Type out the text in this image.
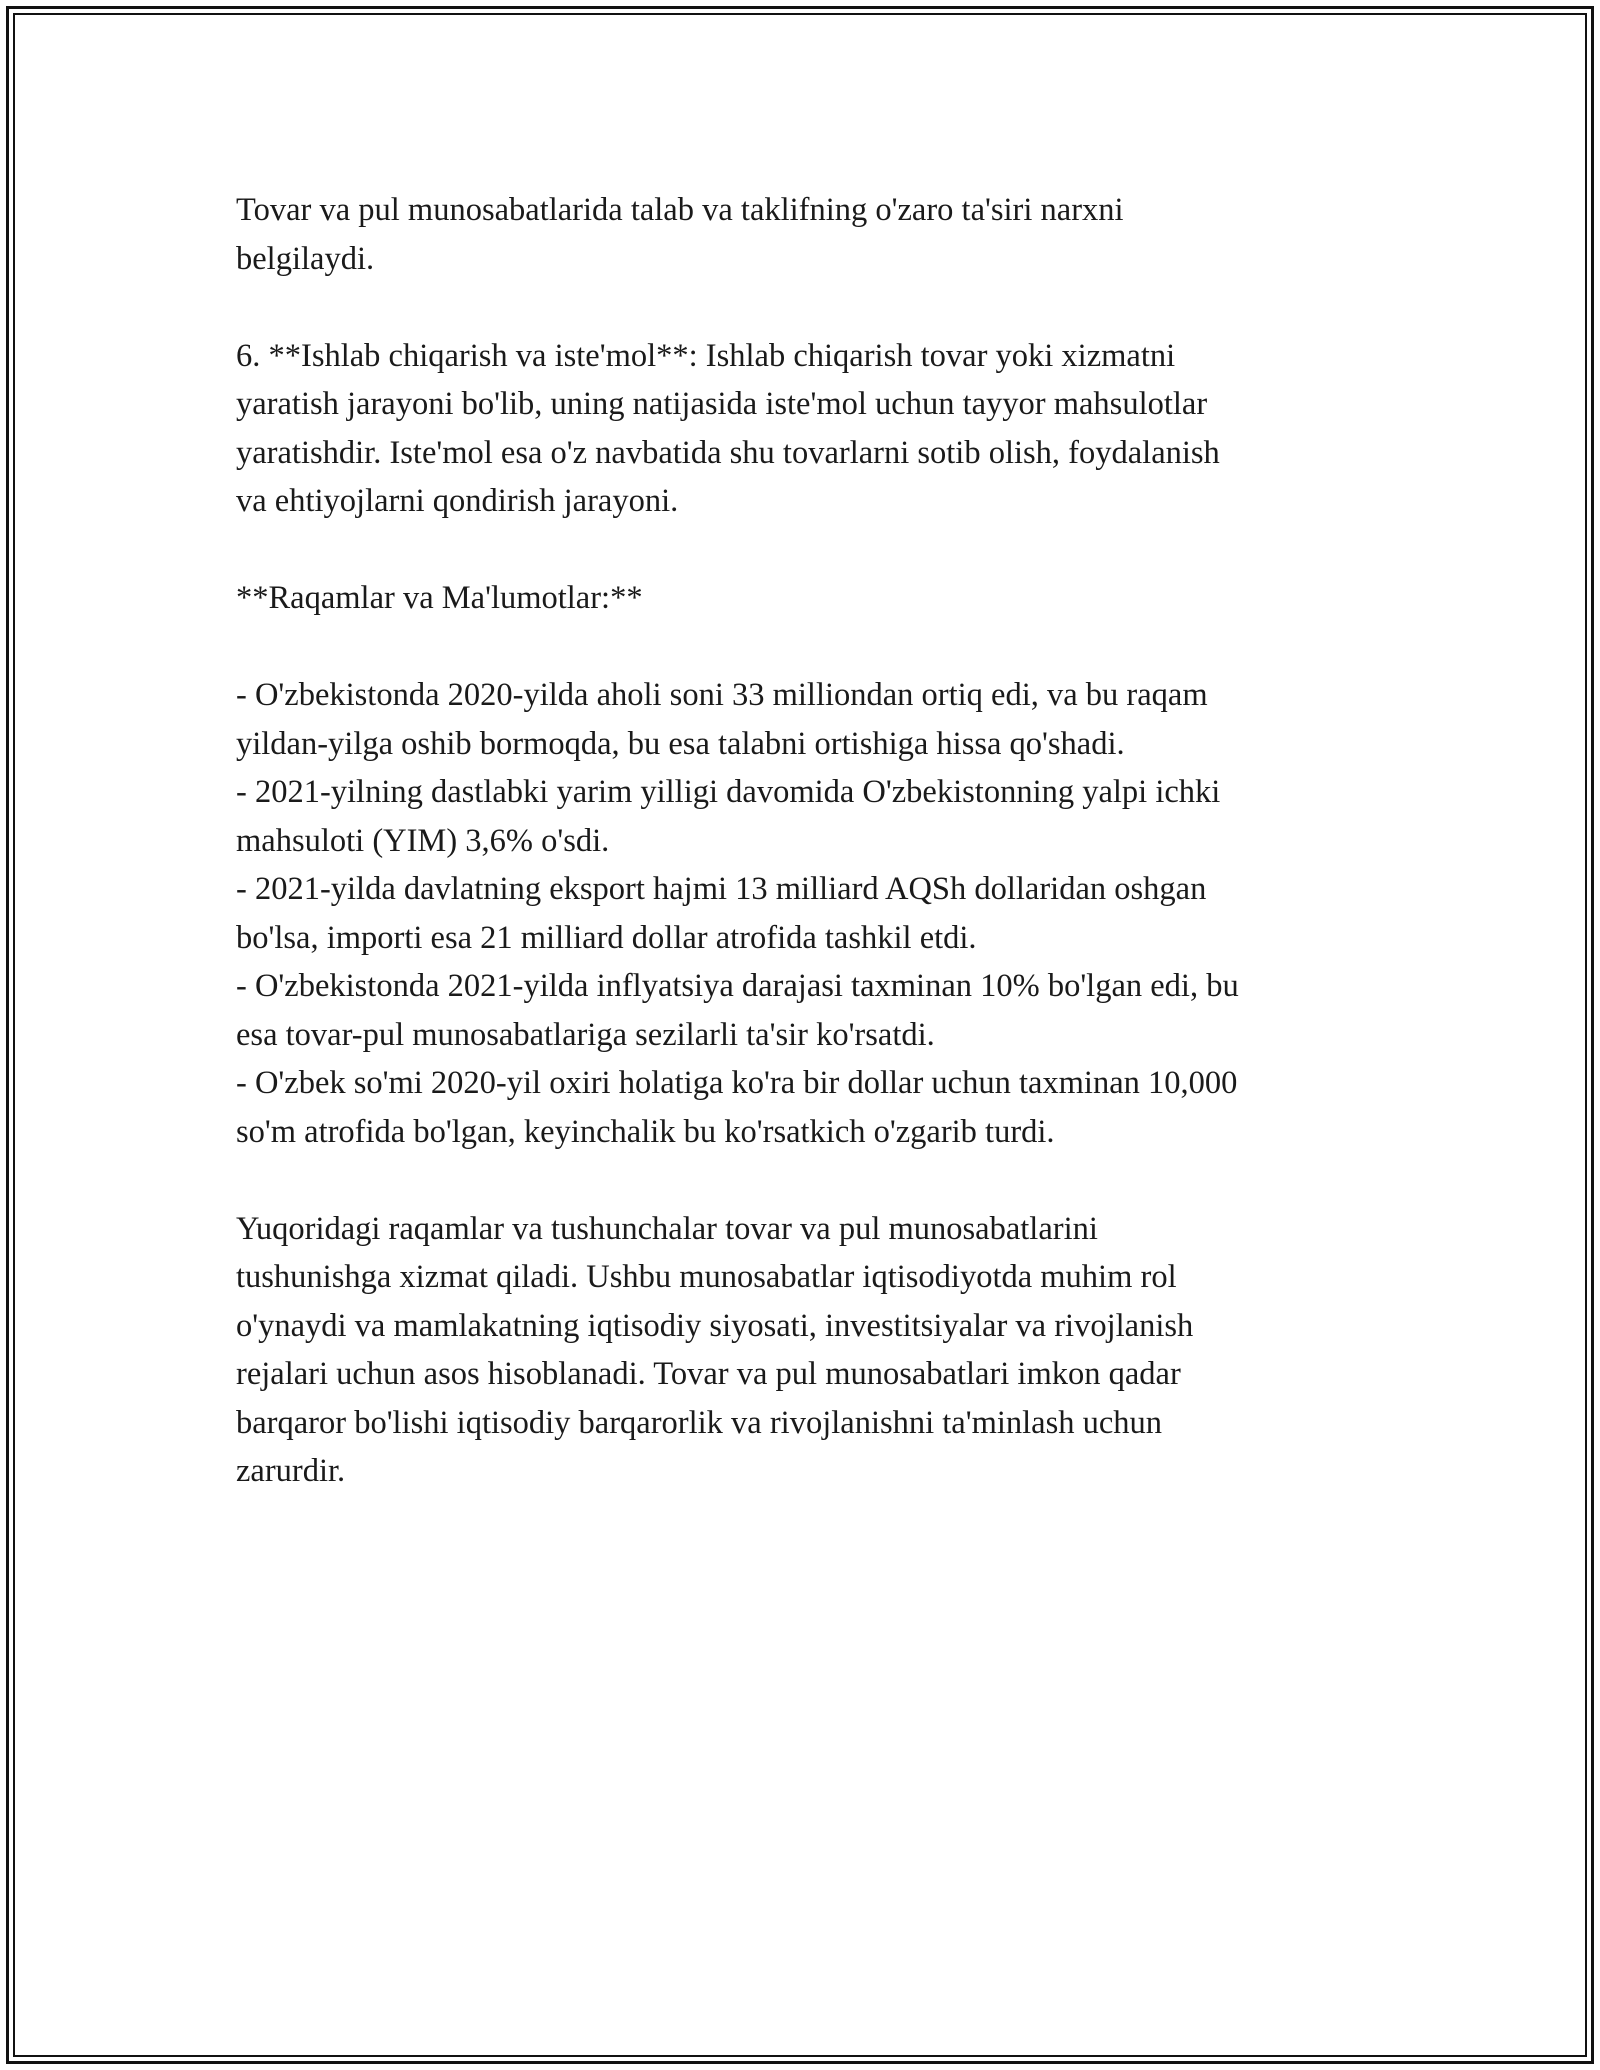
Tovar va pul munosabatlarida talab va taklifning o'zaro ta'siri narxni

belgilaydi.

6. **Ishlab chiqarish va iste'mol**: Ishlab chiqarish tovar yoki xizmatni

yaratish jarayoni bo'lib, uning natijasida iste'mol uchun tayyor mahsulotlar

yaratishdir. Iste'mol esa o'z navbatida shu tovarlarni sotib olish, foydalanish

va ehtiyojlarni qondirish jarayoni.

**Raqamlar va Ma'lumotlar:**

- O'zbekistonda 2020-yilda aholi soni 33 milliondan ortiq edi, va bu raqam

yildan-yilga oshib bormoqda, bu esa talabni ortishiga hissa qo'shadi.

- 2021-yilning dastlabki yarim yilligi davomida O'zbekistonning yalpi ichki

mahsuloti (YIM) 3,6% o'sdi.

- 2021-yilda davlatning eksport hajmi 13 milliard AQSh dollaridan oshgan

bo'lsa, importi esa 21 milliard dollar atrofida tashkil etdi.

- O'zbekistonda 2021-yilda inflyatsiya darajasi taxminan 10% bo'lgan edi, bu

esa tovar-pul munosabatlariga sezilarli ta'sir ko'rsatdi.

- O'zbek so'mi 2020-yil oxiri holatiga ko'ra bir dollar uchun taxminan 10,000

so'm atrofida bo'lgan, keyinchalik bu ko'rsatkich o'zgarib turdi.

Yuqoridagi raqamlar va tushunchalar tovar va pul munosabatlarini

tushunishga xizmat qiladi. Ushbu munosabatlar iqtisodiyotda muhim rol

o'ynaydi va mamlakatning iqtisodiy siyosati, investitsiyalar va rivojlanish

rejalari uchun asos hisoblanadi. Tovar va pul munosabatlari imkon qadar

barqaror bo'lishi iqtisodiy barqarorlik va rivojlanishni ta'minlash uchun

zarurdir.
